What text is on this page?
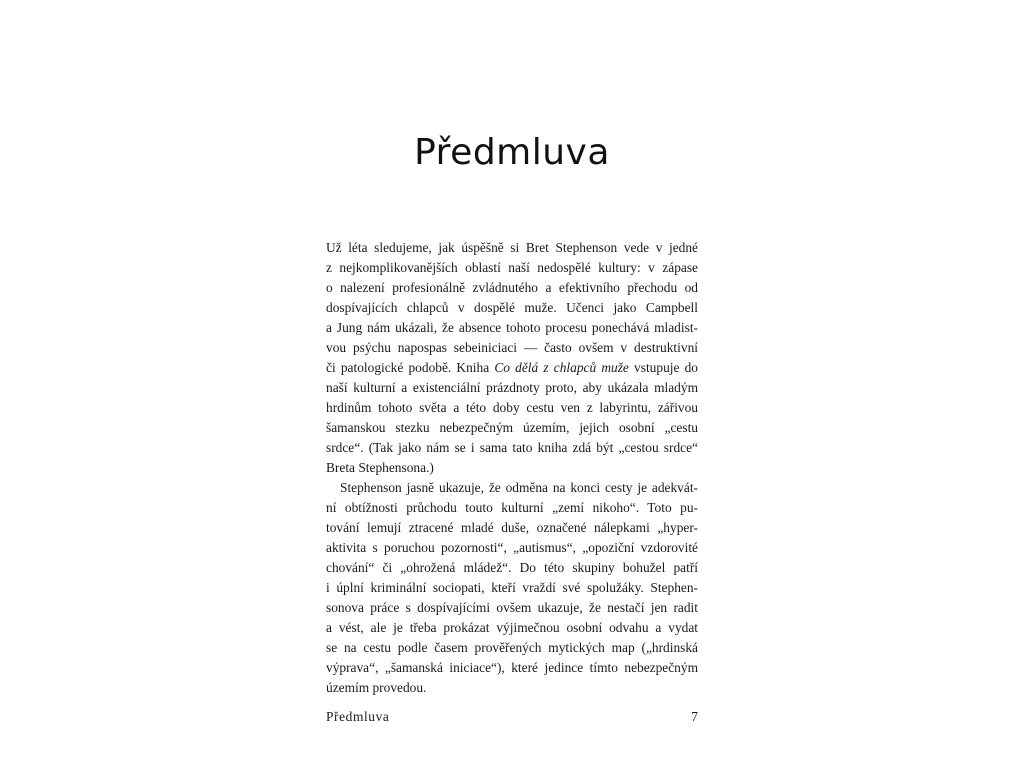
Předmluva
Už léta sledujeme, jak úspěšně si Bret Stephenson vede v jedné
z nejkomplikovanějších oblastí naší nedospělé kultury: v zápase
o nalezení profesionálně zvládnutého a efektivního přechodu od
dospívajících chlapců v dospělé muže. Učenci jako Campbell
a Jung nám ukázali, že absence tohoto procesu ponechává mladist-
vou psýchu napospas sebeiniciaci — často ovšem v destruktivní
či patologické podobě. Kniha Co dělá z chlapců muže vstupuje do
naší kulturní a existenciální prázdnoty proto, aby ukázala mladým
hrdinům tohoto světa a této doby cestu ven z labyrintu, zářivou
šamanskou stezku nebezpečným územím, jejich osobní „cestu
srdce“. (Tak jako nám se i sama tato kniha zdá být „cestou srdce“
Breta Stephensona.)
Stephenson jasně ukazuje, že odměna na konci cesty je adekvát-
ní obtížnosti průchodu touto kulturní „zemí nikoho“. Toto pu-
tování lemují ztracené mladé duše, označené nálepkami „hyper-
aktivita s poruchou pozornosti“, „autismus“, „opoziční vzdorovité
chování“ či „ohrožená mládež“. Do této skupiny bohužel patří
i úplní kriminální sociopati, kteří vraždí své spolužáky. Stephen-
sonova práce s dospívajícími ovšem ukazuje, že nestačí jen radit
a vést, ale je třeba prokázat výjimečnou osobní odvahu a vydat
se na cestu podle časem prověřených mytických map („hrdinská
výprava“, „šamanská iniciace“), které jedince tímto nebezpečným
územím provedou.
Předmluva	7
